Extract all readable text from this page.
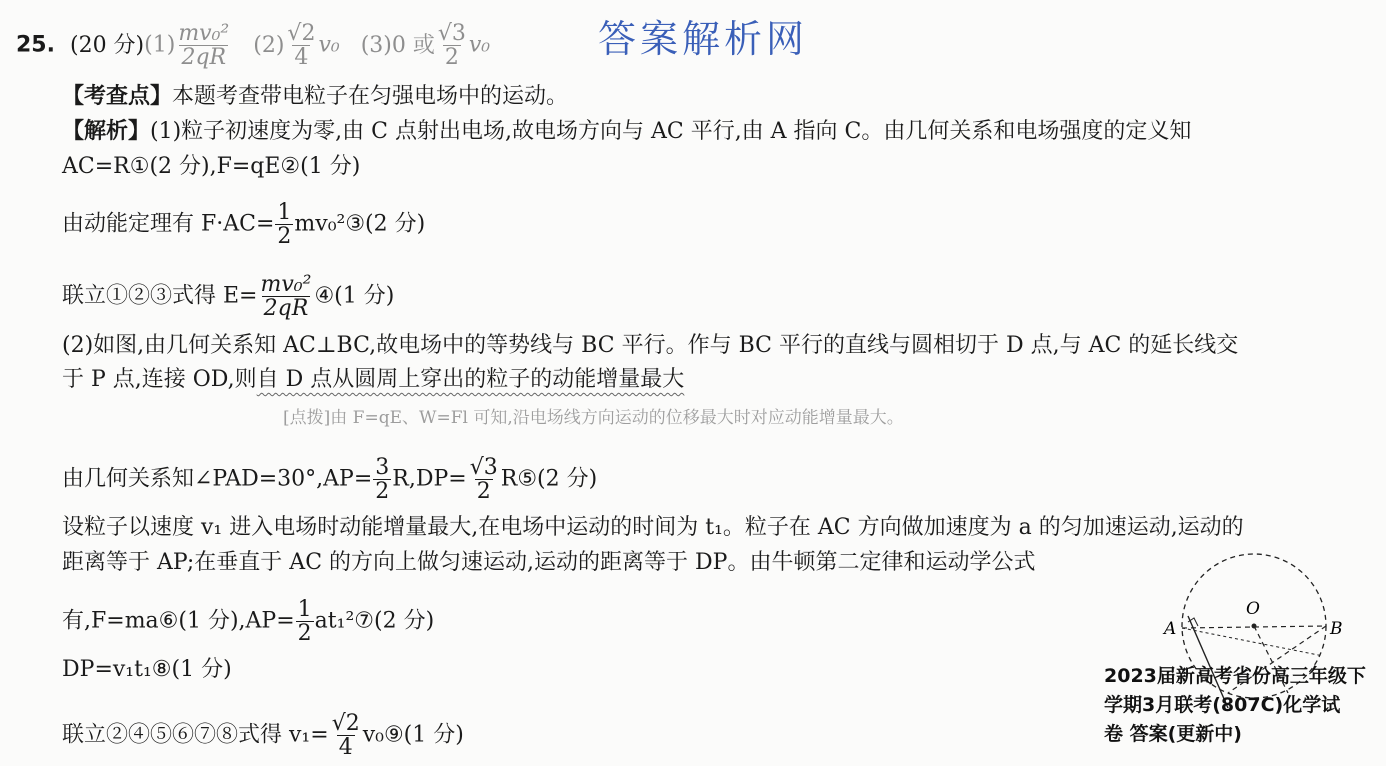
25. (20 分)$(1) \frac{\text{mv₀²}}{2qR} (2) \frac{√2}{4} v_0$ (3)0 或 $\frac{√3}{2} v_0$	答案解析网
【考查点】本题考查带电粒子在匀强电场中的运动。
【解析】(1)粒子初速度为零,由 C 点射出电场,故电场方向与 AC 平行,由 A 指向 C。由几何关系和电场强度的定义知
AC=R①(2 分),F=qE②(1 分)
由动能定理有 $F\cdot AC= \frac{1}{2}$ mv₀²③(2 分)
联立①②③式得 $E= \frac{\text{mv₀²}}{2qR}$ ④(1 分)
(2)如图,由几何关系知 AC⊥BC,故电场中的等势线与 BC 平行。作与 BC 平行的直线与圆相切于 D 点,与 AC 的延长线交
于 P 点,连接 OD,则自 D 点从圆周上穿出的粒子的动能增量最大
[点拨]由 F=qE、W=Fl 可知,沿电场线方向运动的位移最大时对应动能增量最大。
由几何关系知∠PAD=30°,AP= $\frac{3}{2} R,DP= \frac{√3}{2}$ R⑤(2 分)
设粒子以速度 v₁ 进入电场时动能增量最大,在电场中运动的时间为 t₁。粒子在 AC 方向做加速度为 a 的匀加速运动,运动的
距离等于 AP;在垂直于 AC 的方向上做匀速运动,运动的距离等于 DP。由牛顿第二定律和运动学公式
有,F=ma⑥(1 分)$,AP= \frac{1}{2}$ at₁²⑦(2 分)
DP=v₁t₁⑧(1 分)
联立②④⑤⑥⑦⑧式得 $v_1= \frac{√2}{4}$ v₀⑨(1 分)
O
A	B
2023届新高考省份高三年级下
学期3月联考(807C)化学试
卷 答案(更新中)
